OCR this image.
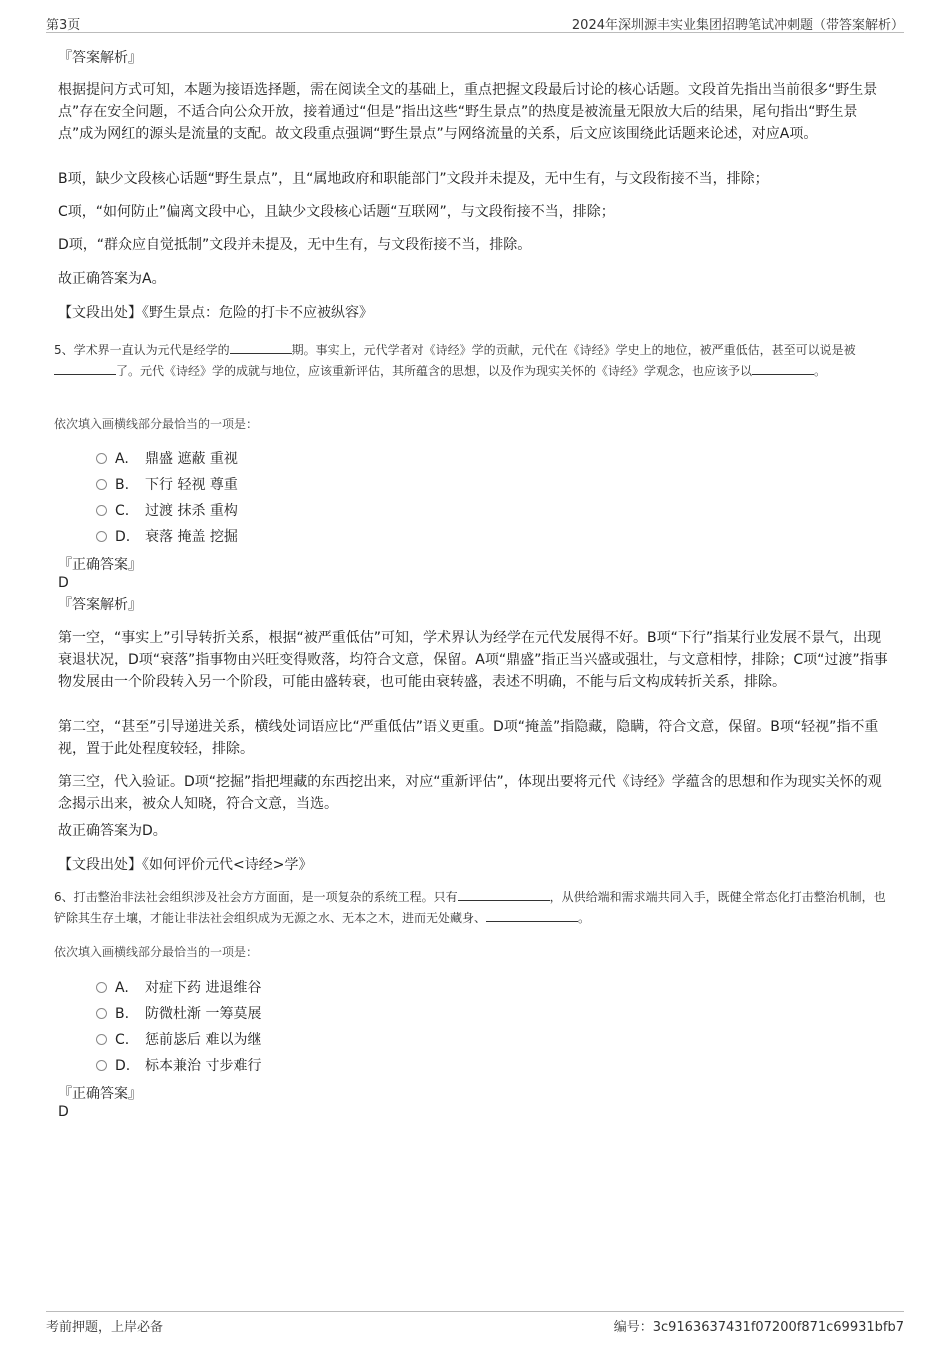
第3页	2024年深圳源丰实业集团招聘笔试冲刺题（带答案解析）
『答案解析』
根据提问方式可知，本题为接语选择题，需在阅读全文的基础上，重点把握文段最后讨论的核心话题。文段首先指出当前很多“野生景点”存在安全问题，不适合向公众开放，接着通过“但是”指出这些“野生景点”的热度是被流量无限放大后的结果，尾句指出“野生景点”成为网红的源头是流量的支配。故文段重点强调“野生景点”与网络流量的关系，后文应该围绕此话题来论述，对应A项。
B项，缺少文段核心话题“野生景点”，且“属地政府和职能部门”文段并未提及，无中生有，与文段衔接不当，排除；
C项，“如何防止”偏离文段中心，且缺少文段核心话题“互联网”，与文段衔接不当，排除；
D项，“群众应自觉抵制”文段并未提及，无中生有，与文段衔接不当，排除。
故正确答案为A。
【文段出处】《野生景点：危险的打卡不应被纵容》
5、学术界一直认为元代是经学的	期。事实上，元代学者对《诗经》学的贡献，元代在《诗经》学史上的地位，被严重低估，甚至可以说是被了。元代《诗经》学的成就与地位，应该重新评估，其所蕴含的思想，以及作为现实关怀的《诗经》学观念，也应该予以	。
依次填入画横线部分最恰当的一项是：
A. 鼎盛 遮蔽 重视
B. 下行 轻视 尊重
C. 过渡 抹杀 重构
D. 衰落 掩盖 挖掘
『正确答案』
D
『答案解析』
第一空，“事实上”引导转折关系，根据“被严重低估”可知，学术界认为经学在元代发展得不好。B项“下行”指某行业发展不景气，出现衰退状况，D项“衰落”指事物由兴旺变得败落，均符合文意，保留。A项“鼎盛”指正当兴盛或强壮，与文意相悖，排除；C项“过渡”指事物发展由一个阶段转入另一个阶段，可能由盛转衰，也可能由衰转盛，表述不明确，不能与后文构成转折关系，排除。
第二空，“甚至”引导递进关系，横线处词语应比“严重低估”语义更重。D项“掩盖”指隐藏，隐瞒，符合文意，保留。B项“轻视”指不重视，置于此处程度较轻，排除。
第三空，代入验证。D项“挖掘”指把埋藏的东西挖出来，对应“重新评估”，体现出要将元代《诗经》学蕴含的思想和作为现实关怀的观念揭示出来，被众人知晓，符合文意，当选。
故正确答案为D。
【文段出处】《如何评价元代<诗经>学》
6、打击整治非法社会组织涉及社会方方面面，是一项复杂的系统工程。只有	，从供给端和需求端共同入手，既健全常态化打击整治机制，也铲除其生存土壤，才能让非法社会组织成为无源之水、无本之木，进而无处藏身、	。
依次填入画横线部分最恰当的一项是：
A. 对症下药 进退维谷
B. 防微杜渐 一筹莫展
C. 惩前毖后 难以为继
D. 标本兼治 寸步难行
『正确答案』
D
考前押题，上岸必备	编号：3c9163637431f07200f871c69931bfb7
